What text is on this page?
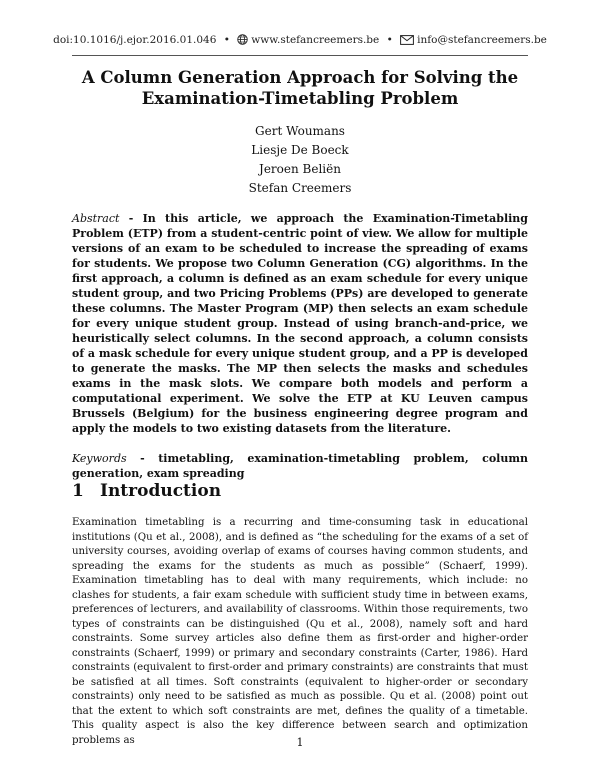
doi:10.1016/j.ejor.2016.01.046 • www.stefancreemers.be • info@stefancreemers.be
A Column Generation Approach for Solving the
Examination-Timetabling Problem
Gert Woumans
Liesje De Boeck
Jeroen Beliën
Stefan Creemers
Abstract - In this article, we approach the Examination-Timetabling Problem (ETP) from a student-centric point of view. We allow for multiple versions of an exam to be scheduled to increase the spreading of exams for students. We propose two Column Generation (CG) algorithms. In the first approach, a column is defined as an exam schedule for every unique student group, and two Pricing Problems (PPs) are developed to generate these columns. The Master Program (MP) then selects an exam schedule for every unique student group. Instead of using branch-and-price, we heuristically select columns. In the second approach, a column consists of a mask schedule for every unique student group, and a PP is developed to generate the masks. The MP then selects the masks and schedules exams in the mask slots. We compare both models and perform a computational experiment. We solve the ETP at KU Leuven campus Brussels (Belgium) for the business engineering degree program and apply the models to two existing datasets from the literature.
Keywords - timetabling, examination-timetabling problem, column generation, exam spreading
1 Introduction
Examination timetabling is a recurring and time-consuming task in educational institutions (Qu et al., 2008), and is defined as “the scheduling for the exams of a set of university courses, avoiding overlap of exams of courses having common students, and spreading the exams for the students as much as possible” (Schaerf, 1999). Examination timetabling has to deal with many requirements, which include: no clashes for students, a fair exam schedule with sufficient study time in between exams, preferences of lecturers, and availability of classrooms. Within those requirements, two types of constraints can be distinguished (Qu et al., 2008), namely soft and hard constraints. Some survey articles also define them as first-order and higher-order constraints (Schaerf, 1999) or primary and secondary constraints (Carter, 1986). Hard constraints (equivalent to first-order and primary constraints) are constraints that must be satisfied at all times. Soft constraints (equivalent to higher-order or secondary constraints) only need to be satisfied as much as possible. Qu et al. (2008) point out that the extent to which soft constraints are met, defines the quality of a timetable. This quality aspect is also the key difference between search and optimization problems as	1
